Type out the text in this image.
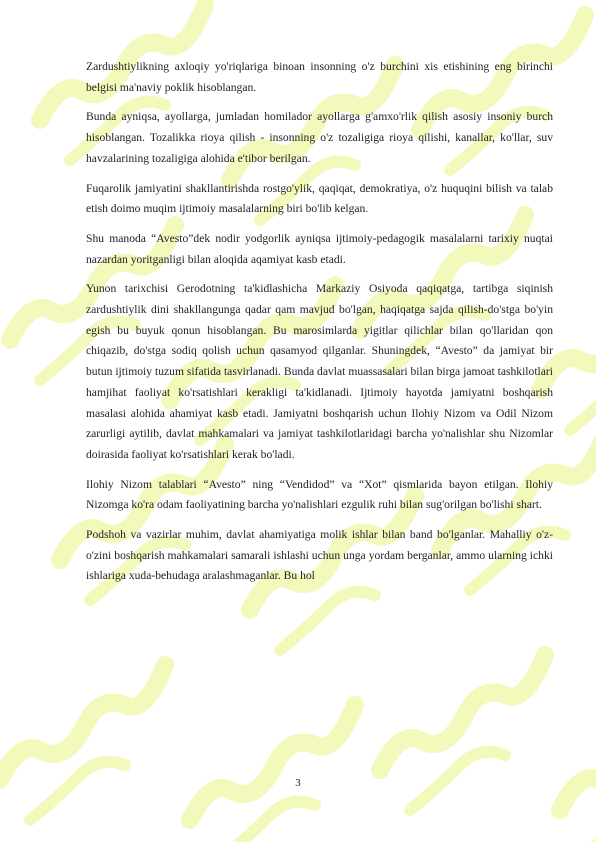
Zardushtiylikning axloqiy yo'riqlariga binoan insonning o'z burchini xis etishining eng birinchi belgisi ma'naviy poklik hisoblangan.

Bunda ayniqsa, ayollarga, jumladan homilador ayollarga g'amxo'rlik qilish asosiy insoniy burch hisoblangan. Tozalikka rioya qilish - insonning o'z tozaligiga rioya qilishi, kanallar, ko'llar, suv havzalarining tozaligiga alohida e'tibor berilgan.

Fuqarolik jamiyatini shakllantirishda rostgo'ylik, qaqiqat, demokratiya, o'z huquqini bilish va talab etish doimo muqim ijtimoiy masalalarning biri bo'lib kelgan.

Shu manoda “Avesto”dek nodir yodgorlik ayniqsa ijtimoiy-pedagogik masalalarni tarixiy nuqtai nazardan yoritganligi bilan aloqida aqamiyat kasb etadi.

Yunon tarixchisi Gerodotning ta'kidlashicha Markaziy Osiyoda qaqiqatga, tartibga siqinish zardushtiylik dini shakllangunga qadar qam mavjud bo'lgan, haqiqatga sajda qilish-do'stga bo'yin egish bu buyuk qonun hisoblangan. Bu marosimlarda yigitlar qilichlar bilan qo'llaridan qon chiqazib, do'stga sodiq qolish uchun qasamyod qilganlar. Shuningdek, “Avesto” da jamiyat bir butun ijtimoiy tuzum sifatida tasvirlanadi. Bunda davlat muassasalari bilan birga jamoat tashkilotlari hamjihat faoliyat ko'rsatishlari kerakligi ta'kidlanadi. Ijtimoiy hayotda jamiyatni boshqarish masalasi alohida ahamiyat kasb etadi. Jamiyatni boshqarish uchun Ilohiy Nizom va Odil Nizom zarurligi aytilib, davlat mahkamalari va jamiyat tashkilotlaridagi barcha yo'nalishlar shu Nizomlar doirasida faoliyat ko'rsatishlari kerak bo'ladi.

Ilohiy Nizom talablari “Avesto” ning “Vendidod” va “Xot” qismlarida bayon etilgan. Ilohiy Nizomga ko'ra odam faoliyatining barcha yo'nalishlari ezgulik ruhi bilan sug'orilgan bo'lishi shart.

Podshoh va vazirlar muhim, davlat ahamiyatiga molik ishlar bilan band bo'lganlar. Mahalliy o'z-o'zini boshqarish mahkamalari samarali ishlashi uchun unga yordam berganlar, ammo ularning ichki ishlariga xuda-behudaga aralashmaganlar. Bu hol

3
